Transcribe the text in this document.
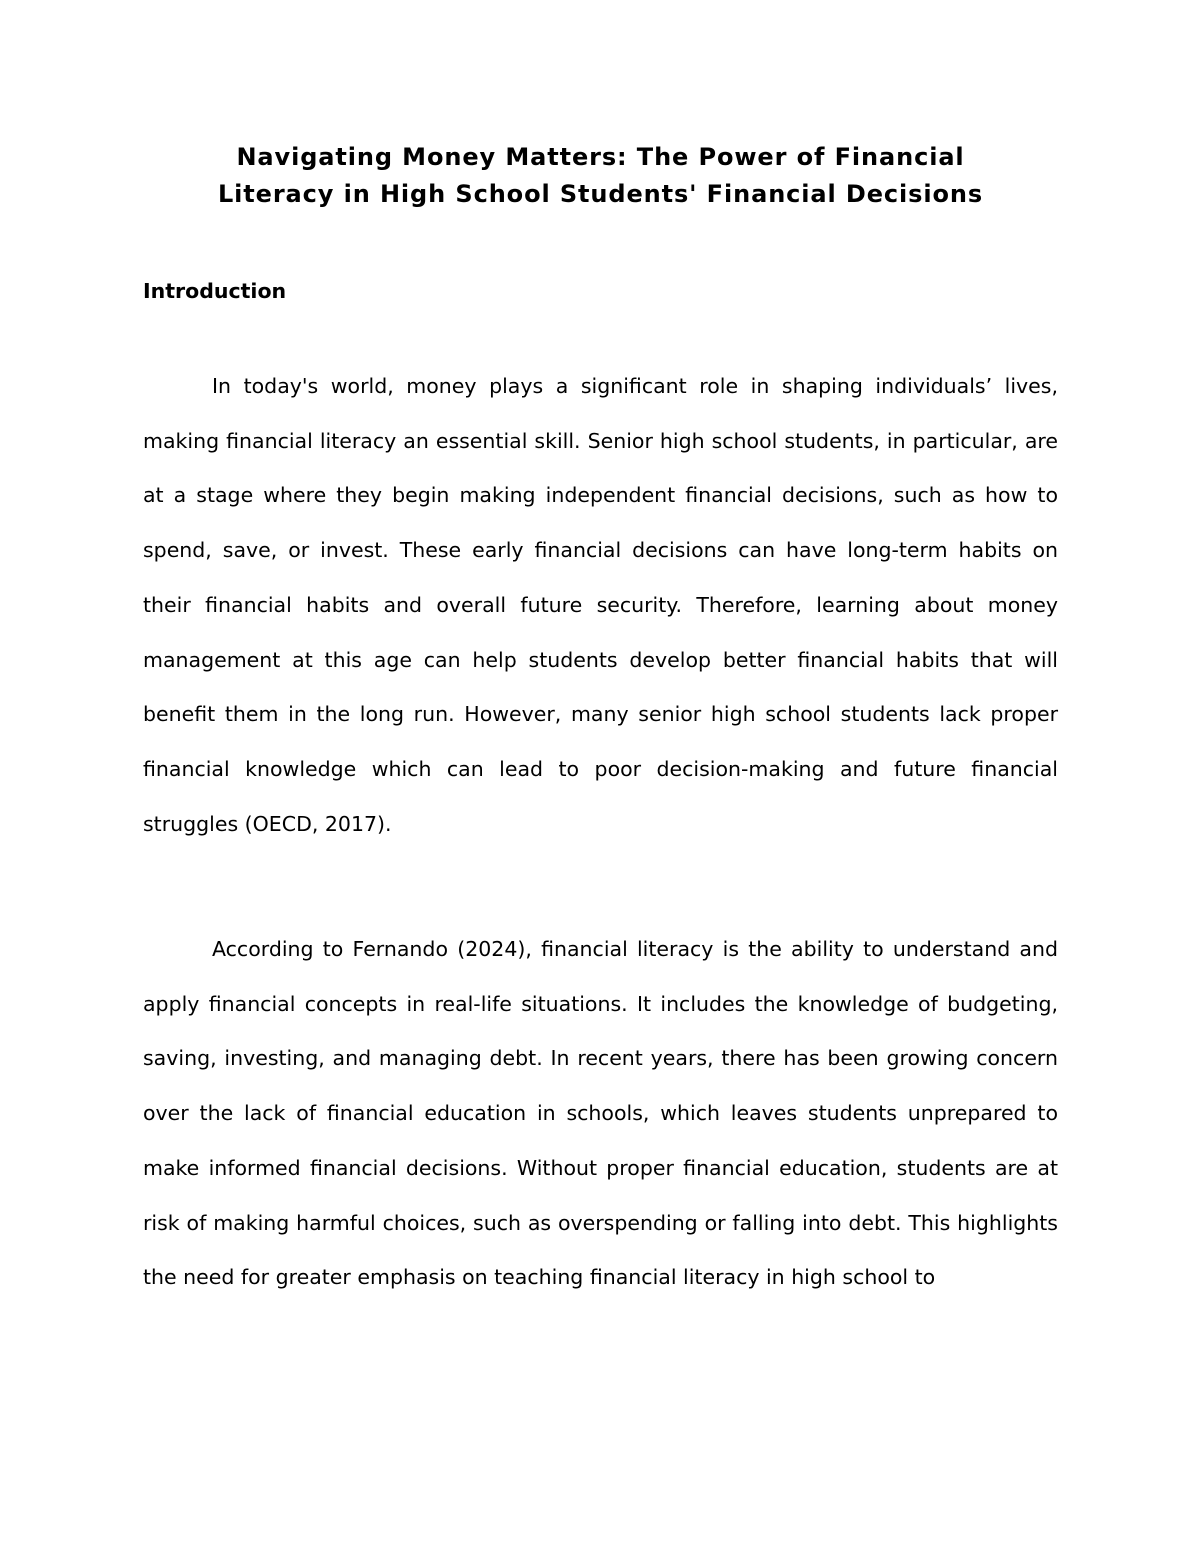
Navigating Money Matters: The Power of Financial
Literacy in High School Students' Financial Decisions
Introduction

In today's world, money plays a significant role in shaping individuals’ lives, making financial literacy an essential skill. Senior high school students, in particular, are at a stage where they begin making independent financial decisions, such as how to spend, save, or invest. These early financial decisions can have long-term habits on their financial habits and overall future security. Therefore, learning about money management at this age can help students develop better financial habits that will benefit them in the long run. However, many senior high school students lack proper financial knowledge which can lead to poor decision-making and future financial struggles (OECD, 2017).

According to Fernando (2024), financial literacy is the ability to understand and apply financial concepts in real-life situations. It includes the knowledge of budgeting, saving, investing, and managing debt. In recent years, there has been growing concern over the lack of financial education in schools, which leaves students unprepared to make informed financial decisions. Without proper financial education, students are at risk of making harmful choices, such as overspending or falling into debt. This highlights the need for greater emphasis on teaching financial literacy in high school to
